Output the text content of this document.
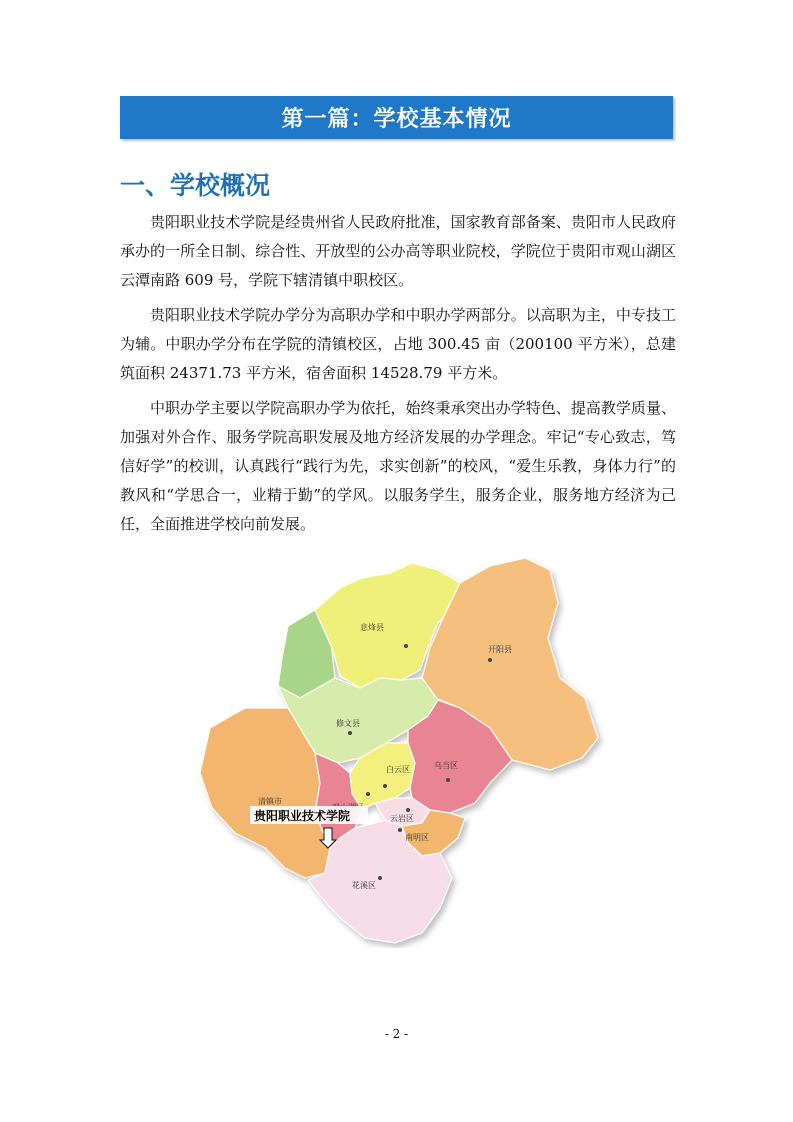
第一篇：学校基本情况
一、学校概况

贵阳职业技术学院是经贵州省人民政府批准，国家教育部备案、贵阳市人民政府承办的一所全日制、综合性、开放型的公办高等职业院校，学院位于贵阳市观山湖区云潭南路 609 号，学院下辖清镇中职校区。

贵阳职业技术学院办学分为高职办学和中职办学两部分。以高职为主，中专技工为辅。中职办学分布在学院的清镇校区，占地 300.45 亩（200100 平方米），总建筑面积 24371.73 平方米，宿舍面积 14528.79 平方米。

中职办学主要以学院高职办学为依托，始终秉承突出办学特色、提高教学质量、加强对外合作、服务学院高职发展及地方经济发展的办学理念。牢记“专心致志，笃信好学”的校训，认真践行“践行为先，求实创新”的校风，“爱生乐教，身体力行”的教风和“学思合一，业精于勤”的学风。以服务学生，服务企业，服务地方经济为己任，全面推进学校向前发展。

息烽县
开阳县
修文县
白云区	乌当区
清镇市
云岩区
南明区
花溪区
贵阳职业技术学院
- 2 -
